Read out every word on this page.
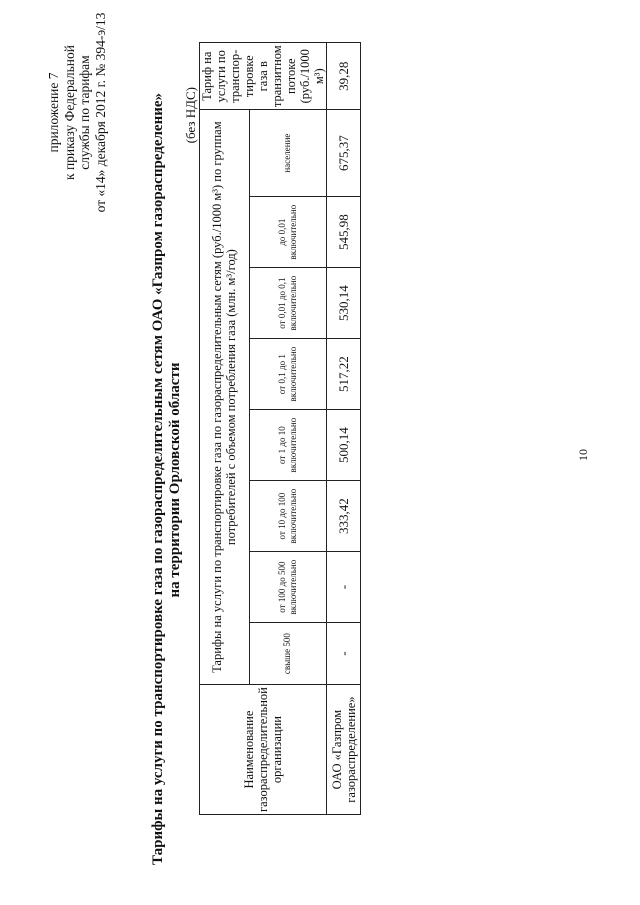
приложение 7 к приказу Федеральной службы по тарифам от «14» декабря 2012 г. № 394-э/13	Тарифы на услуги по транспортировке газа по газораспределительным сетям ОАО «Газпром газораспределение» на территории Орловской области
(без НДС)
Наименование газораспределительной организации	Тарифы на услуги по транспортировке газа по газораспределительным сетям (руб./1000 м³) по группам потребителей с объемом потребления газа (млн. м³/год)								Тариф на услуги по транспор-тировке газа в транзитном потоке (руб./1000 м³)
	свыше 500	от 100 до 500 включительно	от 10 до 100 включительно	от 1 до 10 включительно	от 0,1 до 1 включительно	от 0,01 до 0,1 включительно	до 0,01 включительно	население	
ОАО «Газпром газораспределение»	-	-	333,42	500,14	517,22	530,14	545,98	675,37	39,28
10
